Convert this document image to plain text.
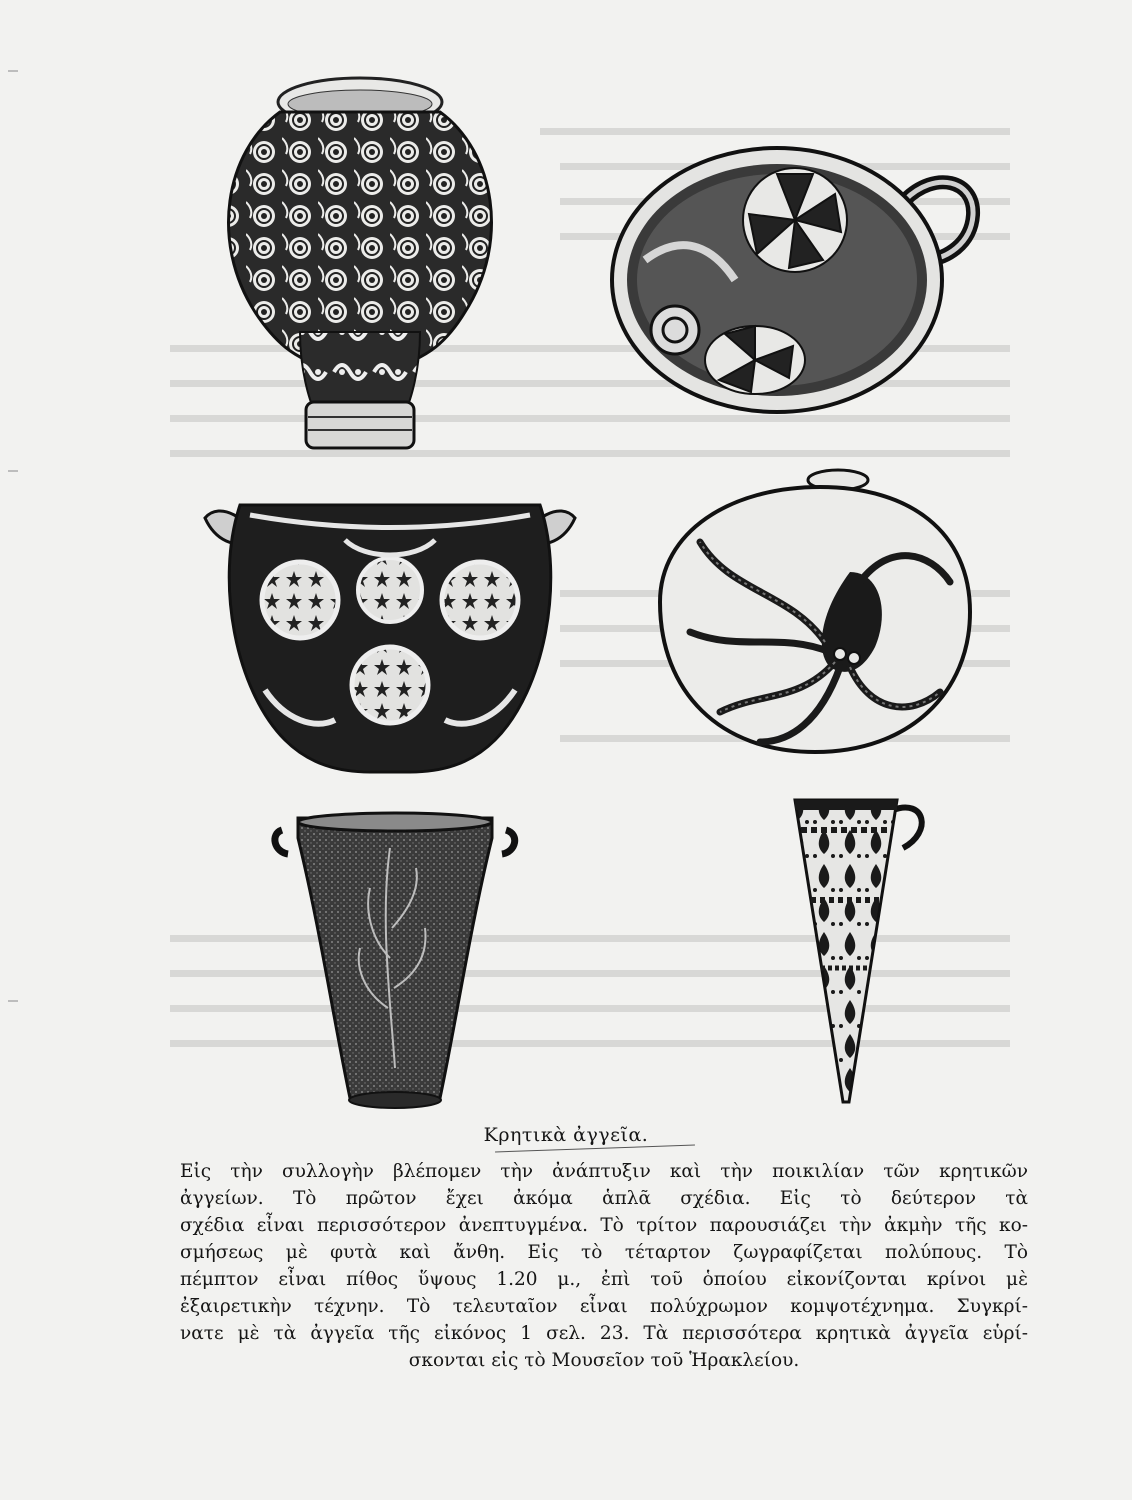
Κρητικὰ ἀγγεῖα.
Εἰς τὴν συλλογὴν βλέπομεν τὴν ἀνάπτυξιν καὶ τὴν ποικιλίαν τῶν κρητικῶν
ἀγγείων. Τὸ πρῶτον ἔχει ἀκόμα ἁπλᾶ σχέδια. Εἰς τὸ δεύτερον τὰ
σχέδια εἶναι περισσότερον ἀνεπτυγμένα. Τὸ τρίτον παρουσιάζει τὴν ἀκμὴν τῆς κο-
σμήσεως μὲ φυτὰ καὶ ἄνθη. Εἰς τὸ τέταρτον ζωγραφίζεται πολύπους. Τὸ
πέμπτον εἶναι πίθος ὕψους 1.20 μ., ἐπὶ τοῦ ὁποίου εἰκονίζονται κρίνοι μὲ
ἐξαιρετικὴν τέχνην. Τὸ τελευταῖον εἶναι πολύχρωμον κομψοτέχνημα. Συγκρί-
νατε μὲ τὰ ἀγγεῖα τῆς εἰκόνος 1 σελ. 23. Τὰ περισσότερα κρητικὰ ἀγγεῖα εὑρί-
σκονται εἰς τὸ Μουσεῖον τοῦ Ἡρακλείου.
